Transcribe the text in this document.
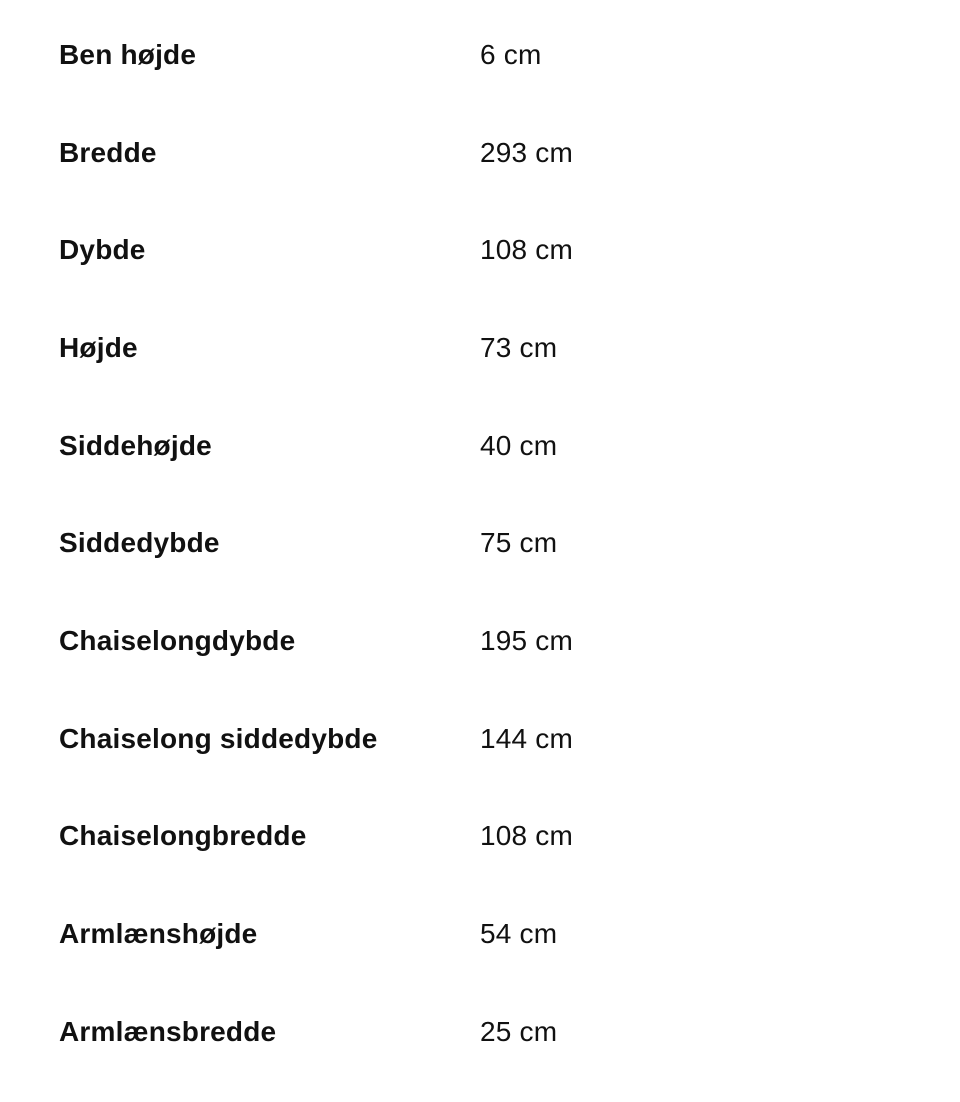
Ben højde	6 cm
Bredde	293 cm
Dybde	108 cm
Højde	73 cm
Siddehøjde	40 cm
Siddedybde	75 cm
Chaiselongdybde	195 cm
Chaiselong siddedybde	144 cm
Chaiselongbredde	108 cm
Armlænshøjde	54 cm
Armlænsbredde	25 cm
